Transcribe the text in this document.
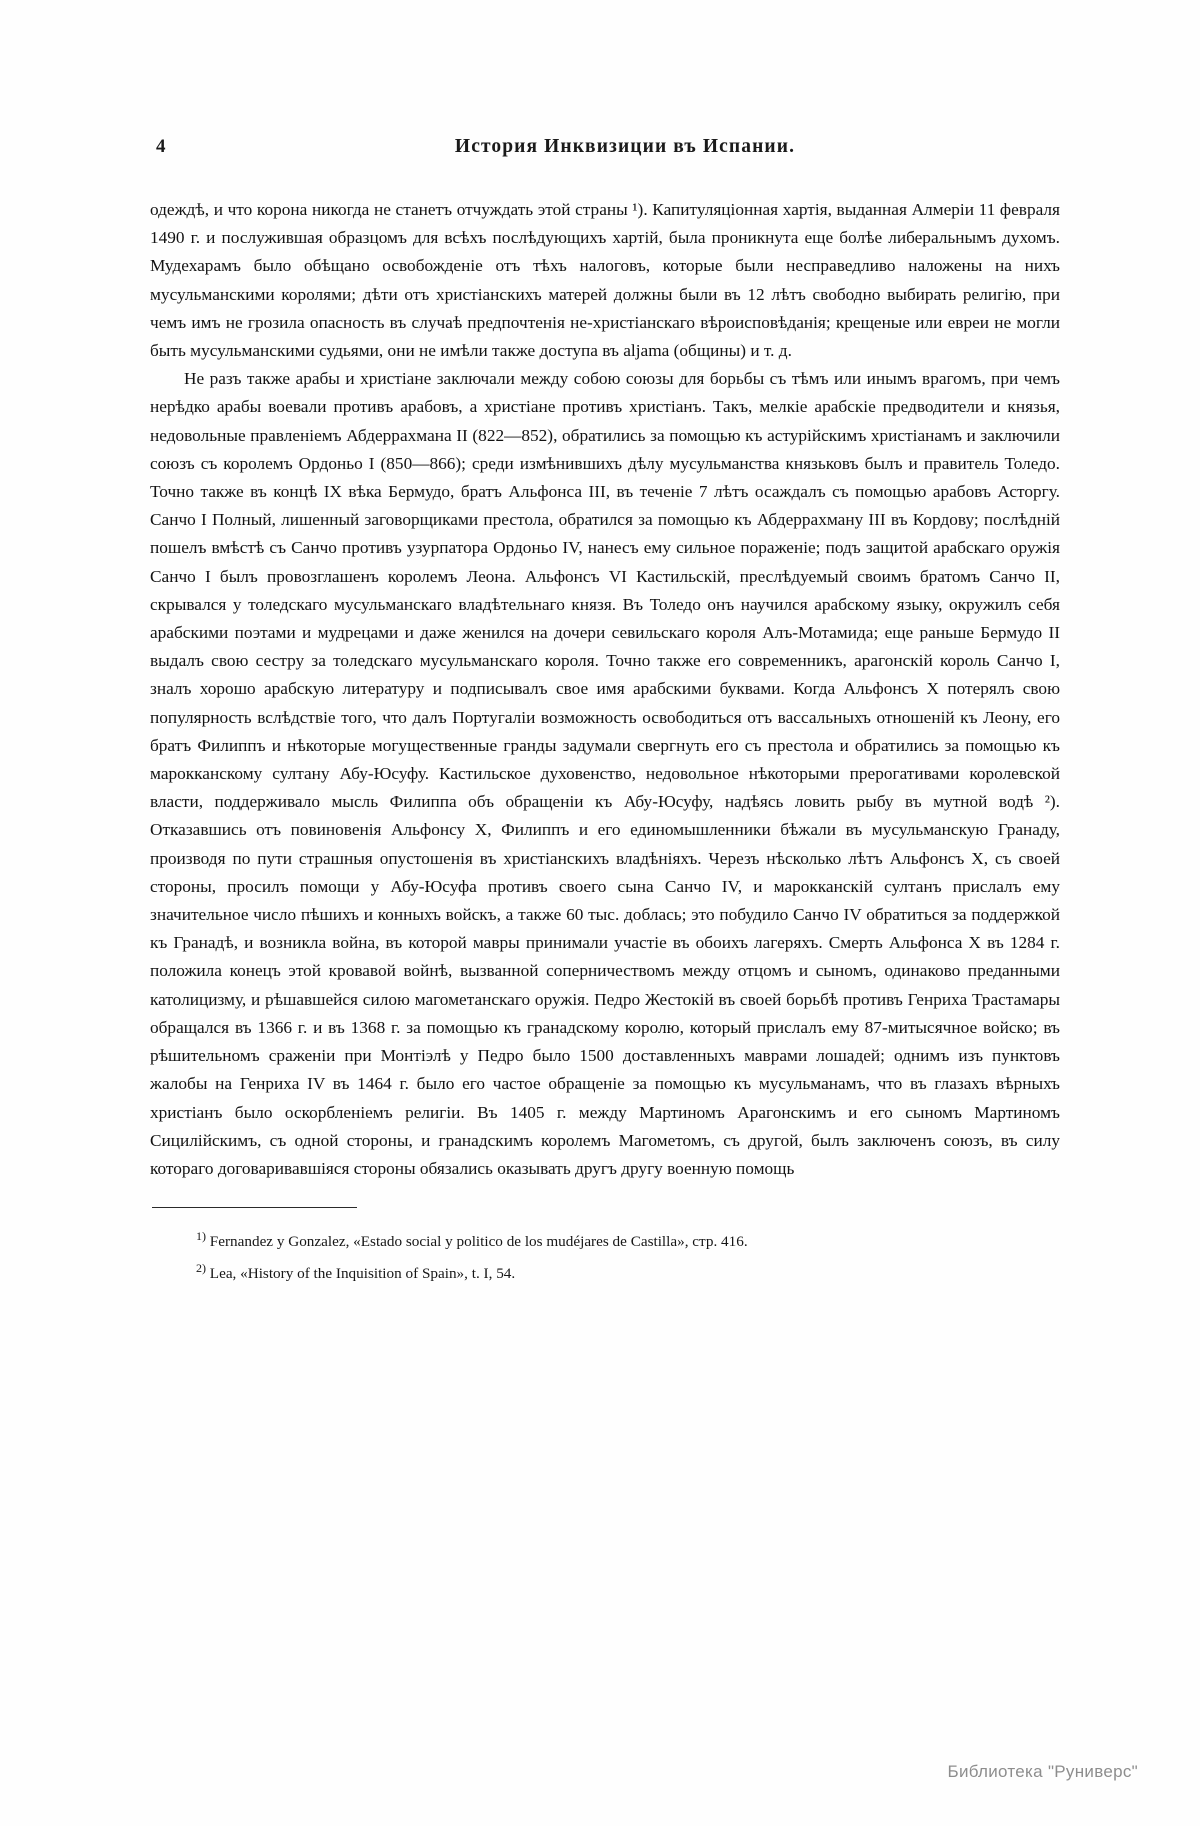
4	История Инквизиции въ Испании.

одеждѣ, и что корона никогда не станетъ отчуждать этой страны ¹). Капитуляціонная хартія, выданная Алмеріи 11 февраля 1490 г. и послужившая образцомъ для всѣхъ послѣдующихъ хартій, была проникнута еще болѣе либеральнымъ духомъ. Мудехарамъ было обѣщано освобожденіе отъ тѣхъ налоговъ, которые были несправедливо наложены на нихъ мусульманскими королями; дѣти отъ христіанскихъ матерей должны были въ 12 лѣтъ свободно выбирать религію, при чемъ имъ не грозила опасность въ случаѣ предпочтенія не-христіанскаго вѣроисповѣданія; крещеные или евреи не могли быть мусульманскими судьями, они не имѣли также доступа въ aljama (общины) и т. д.

Не разъ также арабы и христіане заключали между собою союзы для борьбы съ тѣмъ или инымъ врагомъ, при чемъ нерѣдко арабы воевали противъ арабовъ, а христіане противъ христіанъ. Такъ, мелкіе арабскіе предводители и князья, недовольные правленіемъ Абдеррахмана II (822—852), обратились за помощью къ астурійскимъ христіанамъ и заключили союзъ съ королемъ Ордоньо I (850—866); среди измѣнившихъ дѣлу мусульманства князьковъ былъ и правитель Толедо. Точно также въ концѣ IX вѣка Бермудо, братъ Альфонса III, въ теченіе 7 лѣтъ осаждалъ съ помощью арабовъ Асторгу. Санчо I Полный, лишенный заговорщиками престола, обратился за помощью къ Абдеррахману III въ Кордову; послѣдній пошелъ вмѣстѣ съ Санчо противъ узурпатора Ордоньо IV, нанесъ ему сильное пораженіе; подъ защитой арабскаго оружія Санчо I былъ провозглашенъ королемъ Леона. Альфонсъ VI Кастильскій, преслѣдуемый своимъ братомъ Санчо II, скрывался у толедскаго мусульманскаго владѣтельнаго князя. Въ Толедо онъ научился арабскому языку, окружилъ себя арабскими поэтами и мудрецами и даже женился на дочери севильскаго короля Алъ-Мотамида; еще раньше Бермудо II выдалъ свою сестру за толедскаго мусульманскаго короля. Точно также его современникъ, арагонскій король Санчо I, зналъ хорошо арабскую литературу и подписывалъ свое имя арабскими буквами. Когда Альфонсъ X потерялъ свою популярность вслѣдствіе того, что далъ Португаліи возможность освободиться отъ вассальныхъ отношеній къ Леону, его братъ Филиппъ и нѣкоторые могущественные гранды задумали свергнуть его съ престола и обратились за помощью къ марокканскому султану Абу-Юсуфу. Кастильское духовенство, недовольное нѣкоторыми прерогативами королевской власти, поддерживало мысль Филиппа объ обращеніи къ Абу-Юсуфу, надѣясь ловить рыбу въ мутной водѣ ²). Отказавшись отъ повиновенія Альфонсу X, Филиппъ и его единомышленники бѣжали въ мусульманскую Гранаду, производя по пути страшныя опустошенія въ христіанскихъ владѣніяхъ. Черезъ нѣсколько лѣтъ Альфонсъ X, съ своей стороны, просилъ помощи у Абу-Юсуфа противъ своего сына Санчо IV, и марокканскій султанъ прислалъ ему значительное число пѣшихъ и конныхъ войскъ, а также 60 тыс. доблась; это побудило Санчо IV обратиться за поддержкой къ Гранадѣ, и возникла война, въ которой мавры принимали участіе въ обоихъ лагеряхъ. Смерть Альфонса X въ 1284 г. положила конецъ этой кровавой войнѣ, вызванной соперничествомъ между отцомъ и сыномъ, одинаково преданными католицизму, и рѣшавшейся силою магометанскаго оружія. Педро Жестокій въ своей борьбѣ противъ Генриха Трастамары обращался въ 1366 г. и въ 1368 г. за помощью къ гранадскому королю, который прислалъ ему 87-митысячное войско; въ рѣшительномъ сраженіи при Монтіэлѣ у Педро было 1500 доставленныхъ маврами лошадей; однимъ изъ пунктовъ жалобы на Генриха IV въ 1464 г. было его частое обращеніе за помощью къ мусульманамъ, что въ глазахъ вѣрныхъ христіанъ было оскорбленіемъ религіи. Въ 1405 г. между Мартиномъ Арагонскимъ и его сыномъ Мартиномъ Сицилійскимъ, съ одной стороны, и гранадскимъ королемъ Магометомъ, съ другой, былъ заключенъ союзъ, въ силу котораго договаривавшіяся стороны обязались оказывать другъ другу военную помощь

$^{1)}$ Fernandez y Gonzalez, «Estado social y politico de los mudéjares de Castilla», стр. 416.
$^{2)}$ Lea, «History of the Inquisition of Spain», t. I, 54.
Библиотека "Руниверс"
